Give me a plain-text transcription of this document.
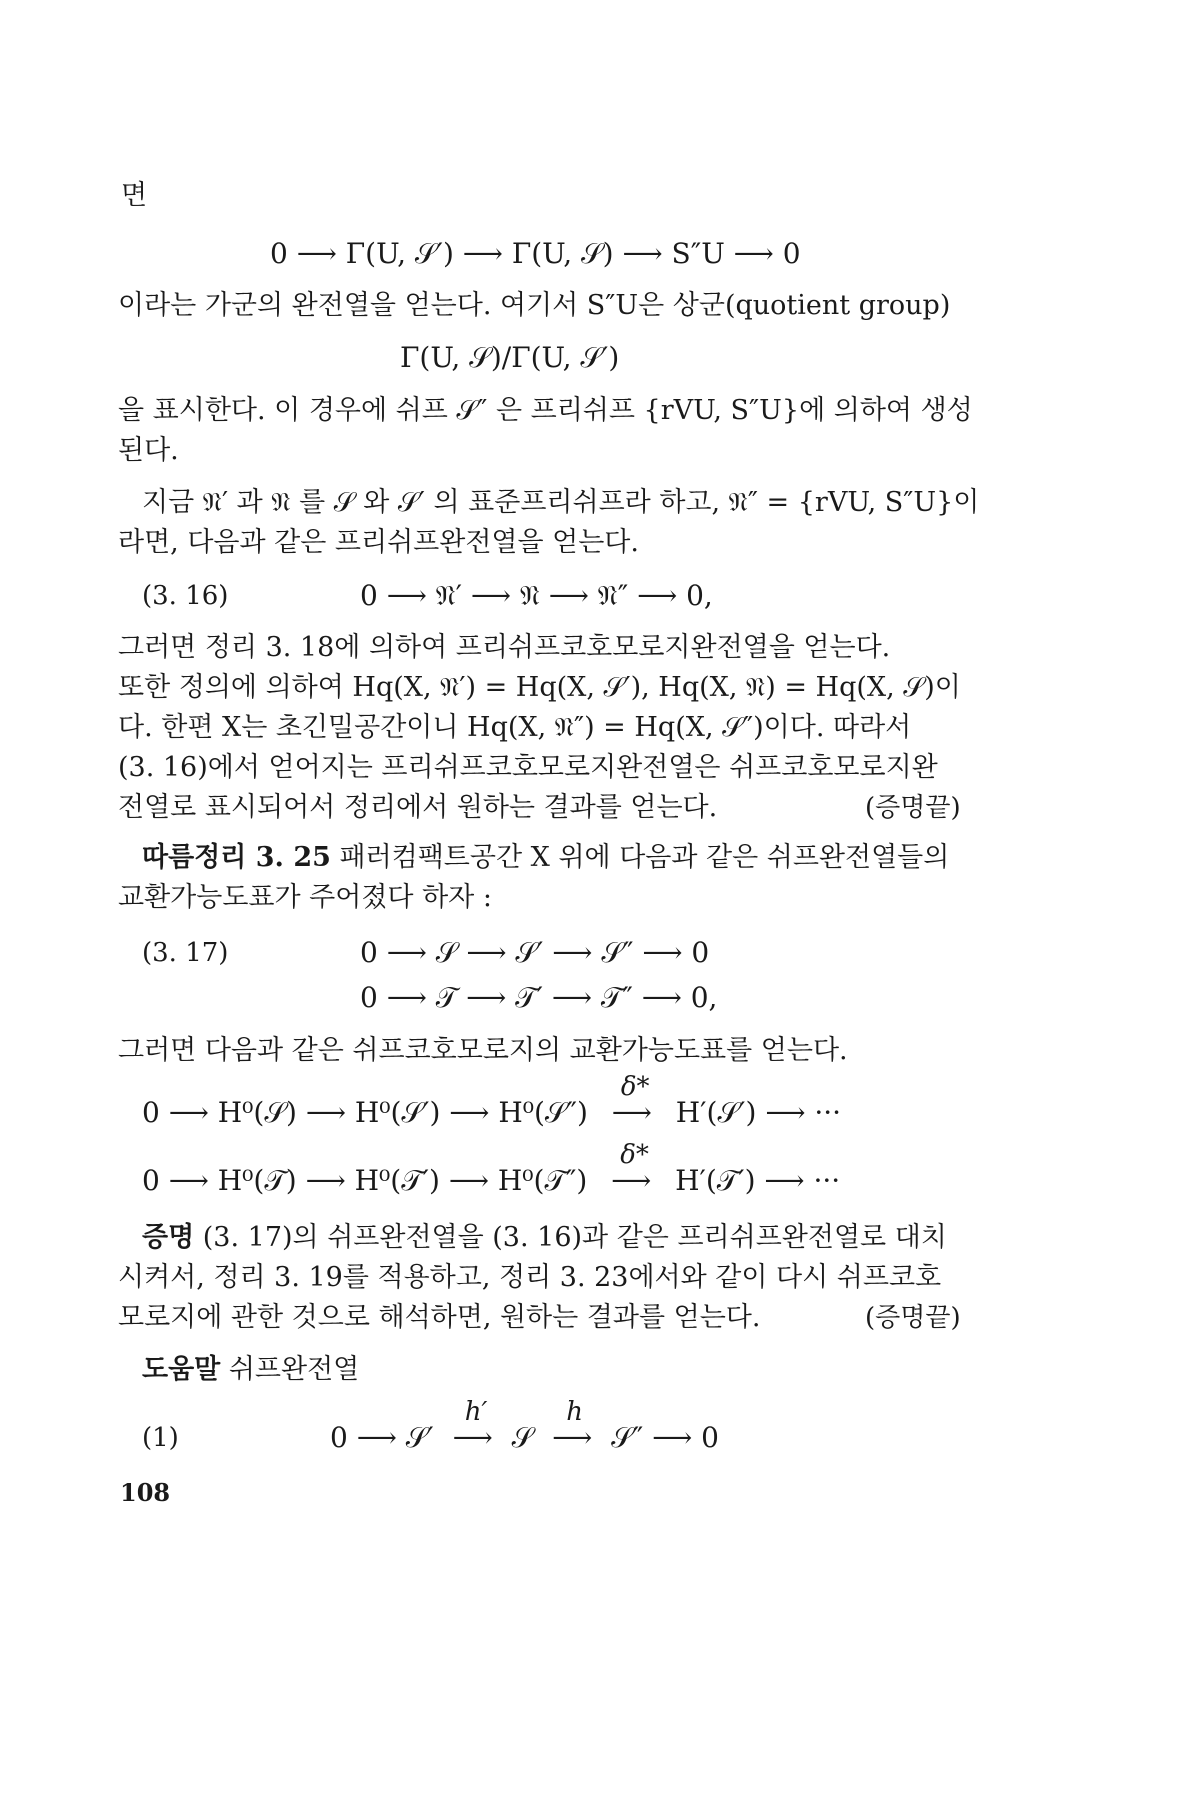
면
0 ⟶ Γ(U, 𝒮′) ⟶ Γ(U, 𝒮) ⟶ S″U ⟶ 0
이라는 가군의 완전열을 얻는다. 여기서 S″U은 상군(quotient group)
Γ(U, 𝒮)/Γ(U, 𝒮′)
을 표시한다. 이 경우에 쉬프 𝒮″ 은 프리쉬프 {rVU, S″U}에 의하여 생성
된다.
지금 𝔑′ 과 𝔑 를 𝒮 와 𝒮′ 의 표준프리쉬프라 하고, 𝔑″ = {rVU, S″U}이
라면, 다음과 같은 프리쉬프완전열을 얻는다.
(3. 16)	0 ⟶ 𝔑′ ⟶ 𝔑 ⟶ 𝔑″ ⟶ 0,
그러면 정리 3. 18에 의하여 프리쉬프코호모로지완전열을 얻는다.
또한 정의에 의하여 Hq(X, 𝔑′) = Hq(X, 𝒮′), Hq(X, 𝔑) = Hq(X, 𝒮)이
다. 한편 X는 초긴밀공간이니 Hq(X, 𝔑″) = Hq(X, 𝒮″)이다. 따라서
(3. 16)에서 얻어지는 프리쉬프코호모로지완전열은 쉬프코호모로지완
전열로 표시되어서 정리에서 원하는 결과를 얻는다.	(증명끝)
따름정리 3. 25 패러컴팩트공간 X 위에 다음과 같은 쉬프완전열들의
교환가능도표가 주어졌다 하자 :
(3. 17)	0 ⟶ 𝒮 ⟶ 𝒮′ ⟶ 𝒮″ ⟶ 0
0 ⟶ 𝒯 ⟶ 𝒯′ ⟶ 𝒯″ ⟶ 0,
그러면 다음과 같은 쉬프코호모로지의 교환가능도표를 얻는다.
0 ⟶ H⁰(𝒮) ⟶ H⁰(𝒮′) ⟶ H⁰(𝒮″)
δ*
⟶ H′(𝒮′) ⟶ ···
0 ⟶ H⁰(𝒯) ⟶ H⁰(𝒯′) ⟶ H⁰(𝒯″)
δ*
⟶ H′(𝒯′) ⟶ ···
증명 (3. 17)의 쉬프완전열을 (3. 16)과 같은 프리쉬프완전열로 대치
시켜서, 정리 3. 19를 적용하고, 정리 3. 23에서와 같이 다시 쉬프코호
모로지에 관한 것으로 해석하면, 원하는 결과를 얻는다.	(증명끝)
도움말 쉬프완전열
(1)	0 ⟶ 𝒮′
h′
⟶ 𝒮
h
⟶ 𝒮″ ⟶ 0
108
